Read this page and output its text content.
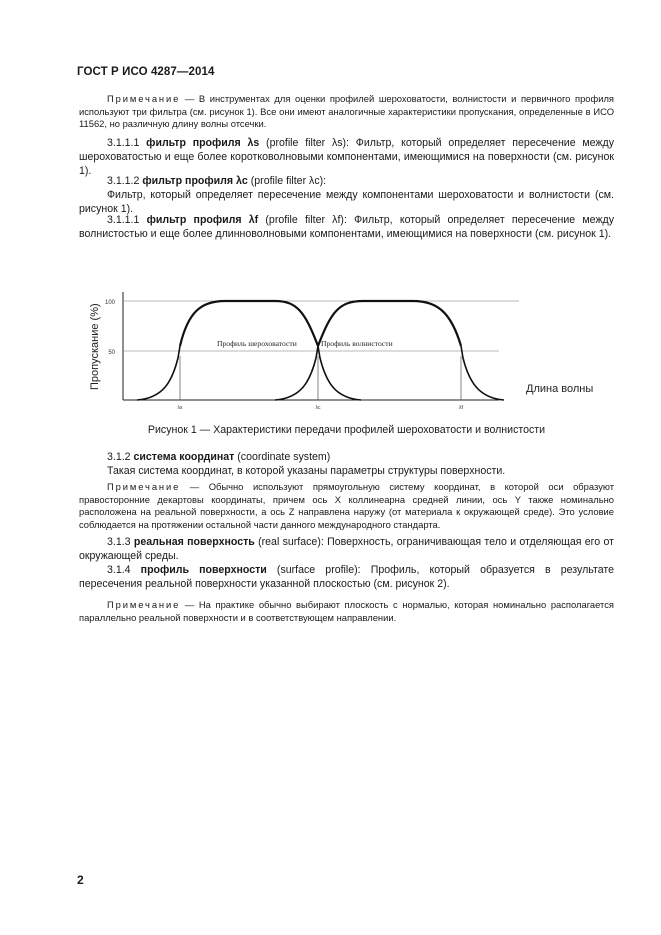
ГОСТ Р ИСО 4287—2014
Примечание — В инструментах для оценки профилей шероховатости, волнистости и первичного профиля используют три фильтра (см. рисунок 1). Все они имеют аналогичные характеристики пропускания, определенные в ИСО 11562, но различную длину волны отсечки.
3.1.1.1 фильтр профиля λs (profile filter λs): Фильтр, который определяет пересечение между шероховатостью и еще более коротковолновыми компонентами, имеющимися на поверхности (см. рисунок 1).

3.1.1.2 фильтр профиля λc (profile filter λc):

Фильтр, который определяет пересечение между компонентами шероховатости и волнистости (см. рисунок 1).

3.1.1.1 фильтр профиля λf (profile filter λf): Фильтр, который определяет пересечение между волнистостью и еще более длинноволновыми компонентами, имеющимися на поверхности (см. рисунок 1).
Пропускание (%)
100
50
Профиль шероховатости	Профиль волнистости
λs	λc	λf
Длина волны
Рисунок 1 — Характеристики передачи профилей шероховатости и волнистости

3.1.2 система координат (coordinate system)

Такая система координат, в которой указаны параметры структуры поверхности.

Примечание — Обычно используют прямоугольную систему координат, в которой оси образуют правосторонние декартовы координаты, причем ось X коллинеарна средней линии, ось Y также номинально расположена на реальной поверхности, а ось Z направлена наружу (от материала к окружающей среде). Это условие соблюдается на протяжении остальной части данного международного стандарта.
3.1.3 реальная поверхность (real surface): Поверхность, ограничивающая тело и отделяющая его от окружающей среды.
3.1.4 профиль поверхности (surface profile): Профиль, который образуется в результате пересечения реальной поверхности указанной плоскостью (см. рисунок 2).
Примечание — На практике обычно выбирают плоскость с нормалью, которая номинально располагается параллельно реальной поверхности и в соответствующем направлении.
2
